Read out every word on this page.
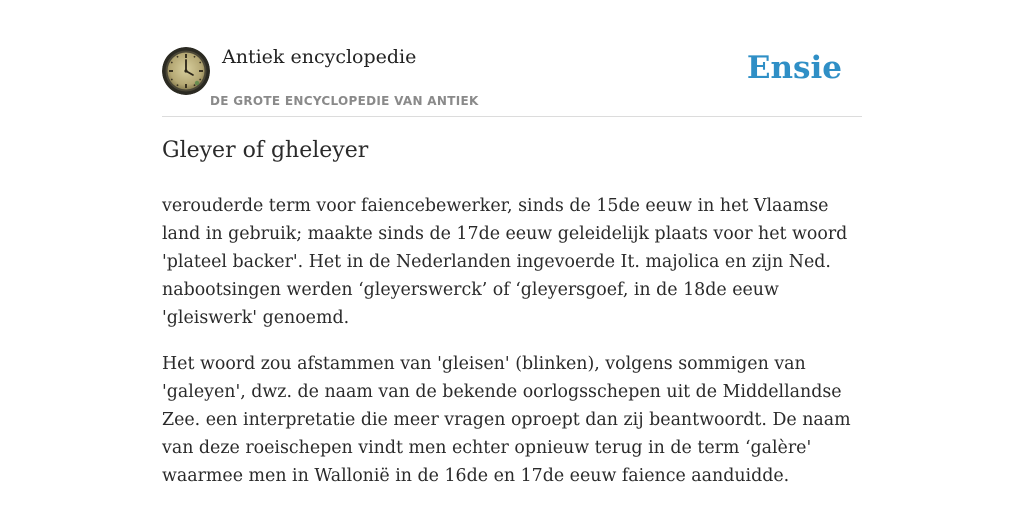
Antiek encyclopedie
DE GROTE ENCYCLOPEDIE VAN ANTIEK
Ensie
Gleyer of gheleyer

verouderde term voor faiencebewerker, sinds de 15de eeuw in het Vlaamse land in gebruik; maakte sinds de 17de eeuw geleidelijk plaats voor het woord 'plateel backer'. Het in de Nederlanden ingevoerde It. majolica en zijn Ned. nabootsingen werden ‘gleyerswerck’ of ‘gleyersgoef, in de 18de eeuw 'gleiswerk' genoemd.

Het woord zou afstammen van 'gleisen' (blinken), volgens sommigen van 'galeyen', dwz. de naam van de bekende oorlogsschepen uit de Middellandse Zee. een interpretatie die meer vragen oproept dan zij beantwoordt. De naam van deze roeischepen vindt men echter opnieuw terug in de term ‘galère' waarmee men in Wallonië in de 16de en 17de eeuw faience aanduidde.
